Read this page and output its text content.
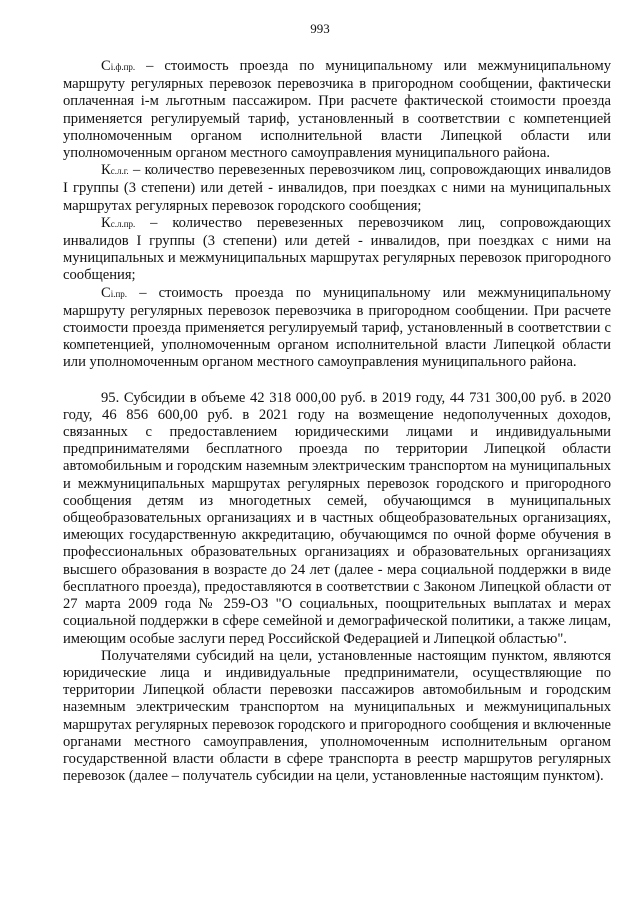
993

Сi.ф.пр. – стоимость проезда по муниципальному или межмуниципальному маршруту регулярных перевозок перевозчика в пригородном сообщении, фактически оплаченная i-м льготным пассажиром. При расчете фактической стоимости проезда применяется регулируемый тариф, установленный в соответствии с компетенцией уполномоченным органом исполнительной власти Липецкой области или уполномоченным органом местного самоуправления муниципального района.

Кс.л.г. – количество перевезенных перевозчиком лиц, сопровождающих инвалидов I группы (3 степени) или детей - инвалидов, при поездках с ними на муниципальных маршрутах регулярных перевозок городского сообщения;

Кс.л.пр. – количество перевезенных перевозчиком лиц, сопровождающих инвалидов I группы (3 степени) или детей - инвалидов, при поездках с ними на муниципальных и межмуниципальных маршрутах регулярных перевозок пригородного сообщения;

Сi.пр. – стоимость проезда по муниципальному или межмуниципальному маршруту регулярных перевозок перевозчика в пригородном сообщении. При расчете стоимости проезда применяется регулируемый тариф, установленный в соответствии с компетенцией, уполномоченным органом исполнительной власти Липецкой области или уполномоченным органом местного самоуправления муниципального района.

95. Субсидии в объеме 42 318 000,00 руб. в 2019 году, 44 731 300,00 руб. в 2020 году, 46 856 600,00 руб. в 2021 году на возмещение недополученных доходов, связанных с предоставлением юридическими лицами и индивидуальными предпринимателями бесплатного проезда по территории Липецкой области автомобильным и городским наземным электрическим транспортом на муниципальных и межмуниципальных маршрутах регулярных перевозок городского и пригородного сообщения детям из многодетных семей, обучающимся в муниципальных общеобразовательных организациях и в частных общеобразовательных организациях, имеющих государственную аккредитацию, обучающимся по очной форме обучения в профессиональных образовательных организациях и образовательных организациях высшего образования в возрасте до 24 лет (далее - мера социальной поддержки в виде бесплатного проезда), предоставляются в соответствии с Законом Липецкой области от 27 марта 2009 года № 259-ОЗ "О социальных, поощрительных выплатах и мерах социальной поддержки в сфере семейной и демографической политики, а также лицам, имеющим особые заслуги перед Российской Федерацией и Липецкой областью".

Получателями субсидий на цели, установленные настоящим пунктом, являются юридические лица и индивидуальные предприниматели, осуществляющие по территории Липецкой области перевозки пассажиров автомобильным и городским наземным электрическим транспортом на муниципальных и межмуниципальных маршрутах регулярных перевозок городского и пригородного сообщения и включенные органами местного самоуправления, уполномоченным исполнительным органом государственной власти области в сфере транспорта в реестр маршрутов регулярных перевозок (далее – получатель субсидии на цели, установленные настоящим пунктом).
